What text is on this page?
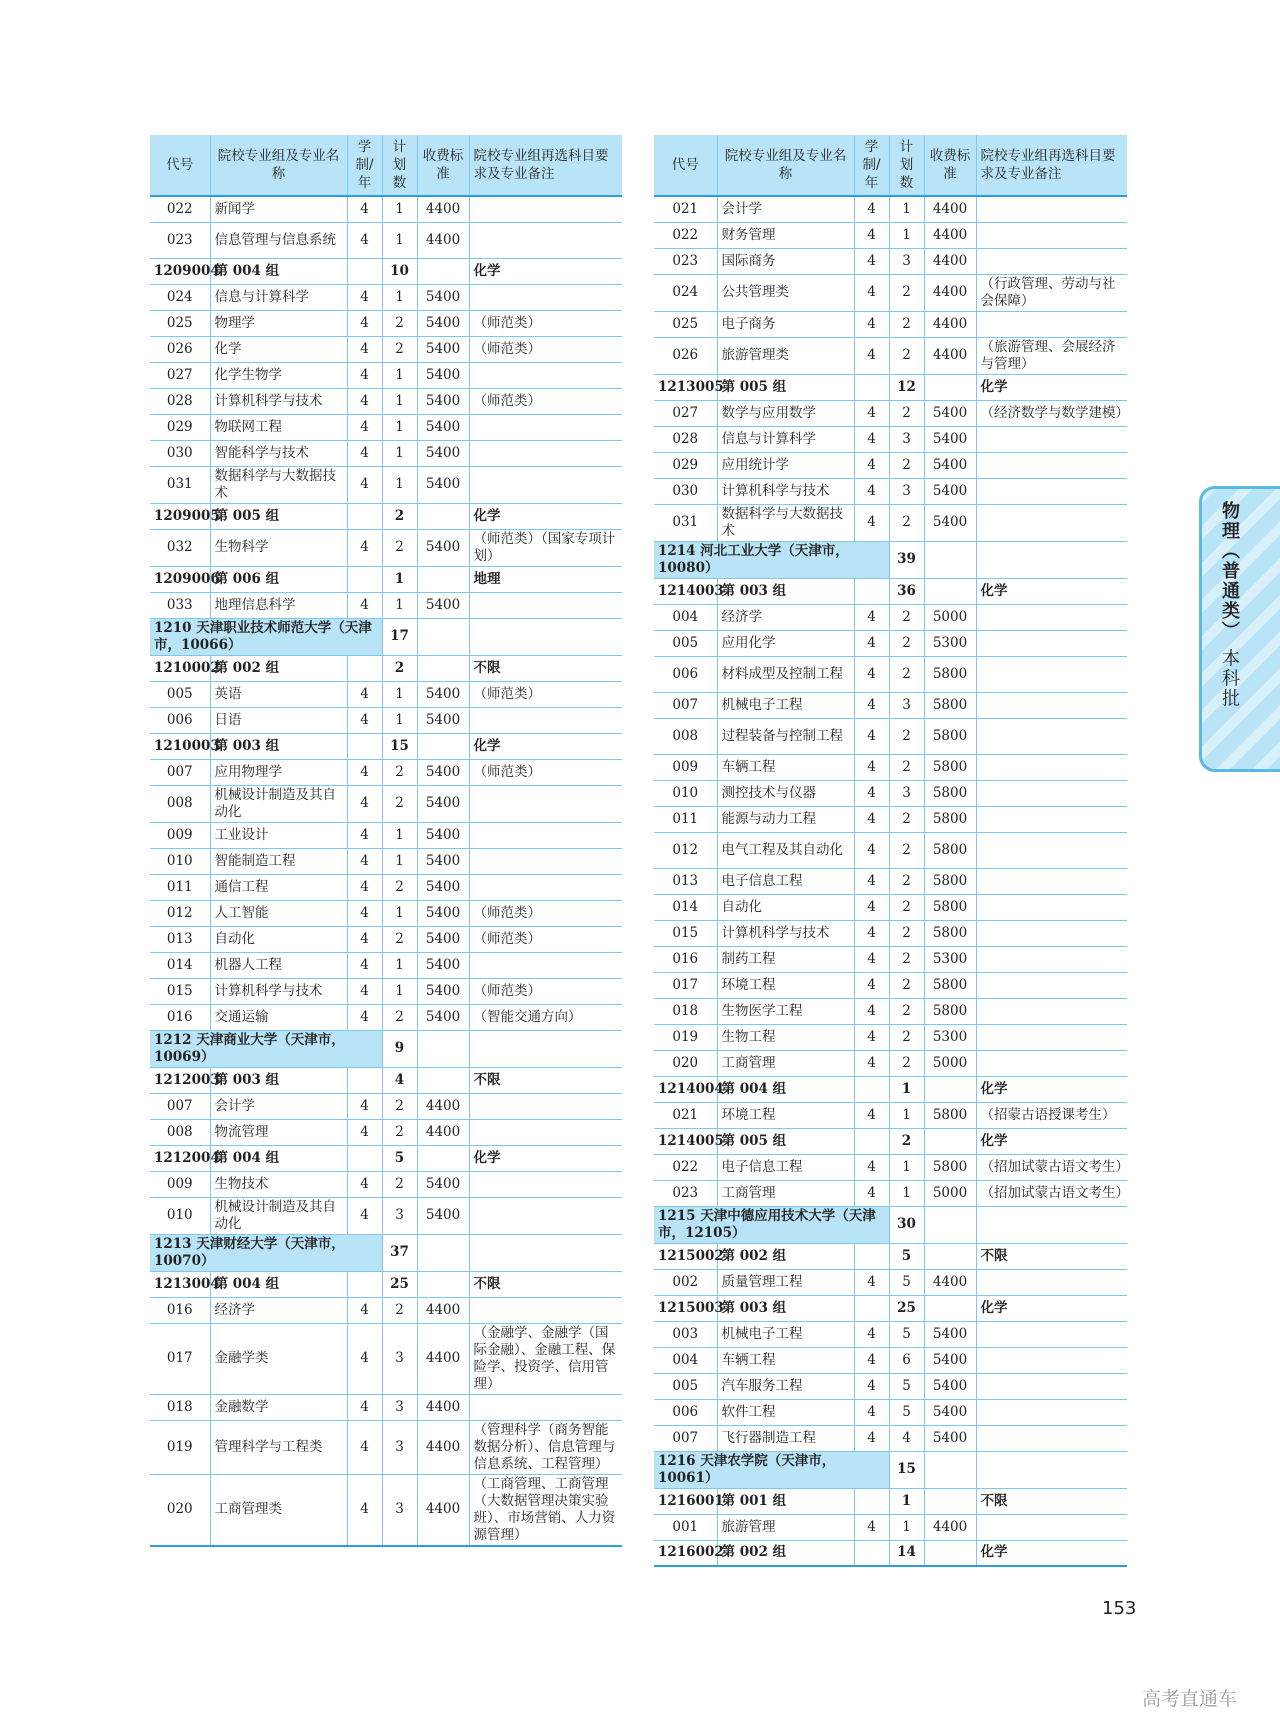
代号	院校专业组及专业名称	学制/年	计划数	收费标准	院校专业组再选科目要求及专业备注
022	新闻学	4	1	4400	
023	信息管理与信息系统	4	1	4400	
1209004	第 004 组		10		化学
024	信息与计算科学	4	1	5400	
025	物理学	4	2	5400	（师范类）
026	化学	4	2	5400	（师范类）
027	化学生物学	4	1	5400	
028	计算机科学与技术	4	1	5400	（师范类）
029	物联网工程	4	1	5400	
030	智能科学与技术	4	1	5400	
031	数据科学与大数据技术	4	1	5400	
1209005	第 005 组		2		化学
032	生物科学	4	2	5400	（师范类）（国家专项计划）
1209006	第 006 组		1		地理
033	地理信息科学	4	1	5400	
1210 天津职业技术师范大学（天津市，10066）			17		
1210002	第 002 组		2		不限
005	英语	4	1	5400	（师范类）
006	日语	4	1	5400	
1210003	第 003 组		15		化学
007	应用物理学	4	2	5400	（师范类）
008	机械设计制造及其自动化	4	2	5400	
009	工业设计	4	1	5400	
010	智能制造工程	4	1	5400	
011	通信工程	4	2	5400	
012	人工智能	4	1	5400	（师范类）
013	自动化	4	2	5400	（师范类）
014	机器人工程	4	1	5400	
015	计算机科学与技术	4	1	5400	（师范类）
016	交通运输	4	2	5400	（智能交通方向）
1212 天津商业大学（天津市，10069）			9		
1212003	第 003 组		4		不限
007	会计学	4	2	4400	
008	物流管理	4	2	4400	
1212004	第 004 组		5		化学
009	生物技术	4	2	5400	
010	机械设计制造及其自动化	4	3	5400	
1213 天津财经大学（天津市，10070）			37		
1213004	第 004 组		25		不限
016	经济学	4	2	4400	
017	金融学类	4	3	4400	（金融学、金融学（国际金融）、金融工程、保险学、投资学、信用管理）
018	金融数学	4	3	4400	
019	管理科学与工程类	4	3	4400	（管理科学（商务智能数据分析）、信息管理与信息系统、工程管理）
020	工商管理类	4	3	4400	（工商管理、工商管理（大数据管理决策实验班）、市场营销、人力资源管理）
代号	院校专业组及专业名称	学制/年	计划数	收费标准	院校专业组再选科目要求及专业备注
021	会计学	4	1	4400	
022	财务管理	4	1	4400	
023	国际商务	4	3	4400	
024	公共管理类	4	2	4400	（行政管理、劳动与社会保障）
025	电子商务	4	2	4400	
026	旅游管理类	4	2	4400	（旅游管理、会展经济与管理）
1213005	第 005 组		12		化学
027	数学与应用数学	4	2	5400	（经济数学与数学建模）
028	信息与计算科学	4	3	5400	
029	应用统计学	4	2	5400	
030	计算机科学与技术	4	3	5400	
031	数据科学与大数据技术	4	2	5400	
1214 河北工业大学（天津市，10080）			39		
1214003	第 003 组		36		化学
004	经济学	4	2	5000	
005	应用化学	4	2	5300	
006	材料成型及控制工程	4	2	5800	
007	机械电子工程	4	3	5800	
008	过程装备与控制工程	4	2	5800	
009	车辆工程	4	2	5800	
010	测控技术与仪器	4	3	5800	
011	能源与动力工程	4	2	5800	
012	电气工程及其自动化	4	2	5800	
013	电子信息工程	4	2	5800	
014	自动化	4	2	5800	
015	计算机科学与技术	4	2	5800	
016	制药工程	4	2	5300	
017	环境工程	4	2	5800	
018	生物医学工程	4	2	5800	
019	生物工程	4	2	5300	
020	工商管理	4	2	5000	
1214004	第 004 组		1		化学
021	环境工程	4	1	5800	（招蒙古语授课考生）
1214005	第 005 组		2		化学
022	电子信息工程	4	1	5800	（招加试蒙古语文考生）
023	工商管理	4	1	5000	（招加试蒙古语文考生）
1215 天津中德应用技术大学（天津市，12105）			30		
1215002	第 002 组		5		不限
002	质量管理工程	4	5	4400	
1215003	第 003 组		25		化学
003	机械电子工程	4	5	5400	
004	车辆工程	4	6	5400	
005	汽车服务工程	4	5	5400	
006	软件工程	4	5	5400	
007	飞行器制造工程	4	4	5400	
1216 天津农学院（天津市，10061）			15		
1216001	第 001 组		1		不限
001	旅游管理	4	1	4400	
1216002	第 002 组		14		化学
物理（普通类） 本科批
153
高考直通车
